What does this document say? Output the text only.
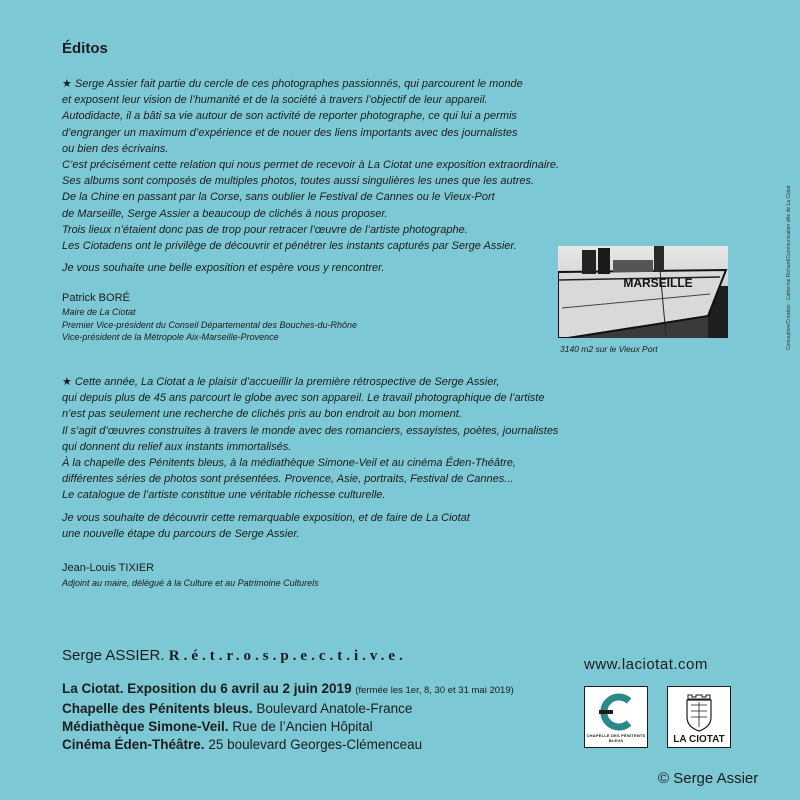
Éditos
★ Serge Assier fait partie du cercle de ces photographes passionnés, qui parcourent le monde
et exposent leur vision de l’humanité et de la société à travers l’objectif de leur appareil.
Autodidacte, il a bâti sa vie autour de son activité de reporter photographe, ce qui lui a permis
d’engranger un maximum d’expérience et de nouer des liens importants avec des journalistes
ou bien des écrivains.
C’est précisément cette relation qui nous permet de recevoir à La Ciotat une exposition extraordinaire.
Ses albums sont composés de multiples photos, toutes aussi singulières les unes que les autres.
De la Chine en passant par la Corse, sans oublier le Festival de Cannes ou le Vieux-Port
de Marseille, Serge Assier a beaucoup de clichés à nous proposer.
Trois lieux n’étaient donc pas de trop pour retracer l’œuvre de l’artiste photographe.
Les Ciotadens ont le privilège de découvrir et pénétrer les instants capturés par Serge Assier.
Je vous souhaite une belle exposition et espère vous y rencontrer.
Patrick BORÉ
Maire de La Ciotat
Premier Vice-président du Conseil Départemental des Bouches-du-Rhône
Vice-président de la Métropole Aix-Marseille-Provence
MARSEILLE
3140 m2 sur le Vieux Port	Conception/Création : Catherine Richard/Communication ville de La Ciotat
★ Cette année, La Ciotat a le plaisir d’accueillir la première rétrospective de Serge Assier,
qui depuis plus de 45 ans parcourt le globe avec son appareil. Le travail photographique de l’artiste
n’est pas seulement une recherche de clichés pris au bon endroit au bon moment.
Il s’agit d’œuvres construites à travers le monde avec des romanciers, essayistes, poètes, journalistes
qui donnent du relief aux instants immortalisés.
À la chapelle des Pénitents bleus, à la médiathèque Simone-Veil et au cinéma Éden-Théâtre,
différentes séries de photos sont présentées. Provence, Asie, portraits, Festival de Cannes...
Le catalogue de l’artiste constitue une véritable richesse culturelle.
Je vous souhaite de découvrir cette remarquable exposition, et de faire de La Ciotat
une nouvelle étape du parcours de Serge Assier.
Jean-Louis TIXIER
Adjoint au maire, délégué à la Culture et au Patrimoine Culturels
Serge ASSIER. R.é.t.r.o.s.p.e.c.t.i.v.e.
La Ciotat. Exposition du 6 avril au 2 juin 2019 (fermée les 1er, 8, 30 et 31 mai 2019)
Chapelle des Pénitents bleus. Boulevard Anatole-France
Médiathèque Simone-Veil. Rue de l’Ancien Hôpital
Cinéma Éden-Théâtre. 25 boulevard Georges-Clémenceau
www.laciotat.com
CHAPELLE DES PÉNITENTS BLEUS	LA CIOTAT
© Serge Assier
